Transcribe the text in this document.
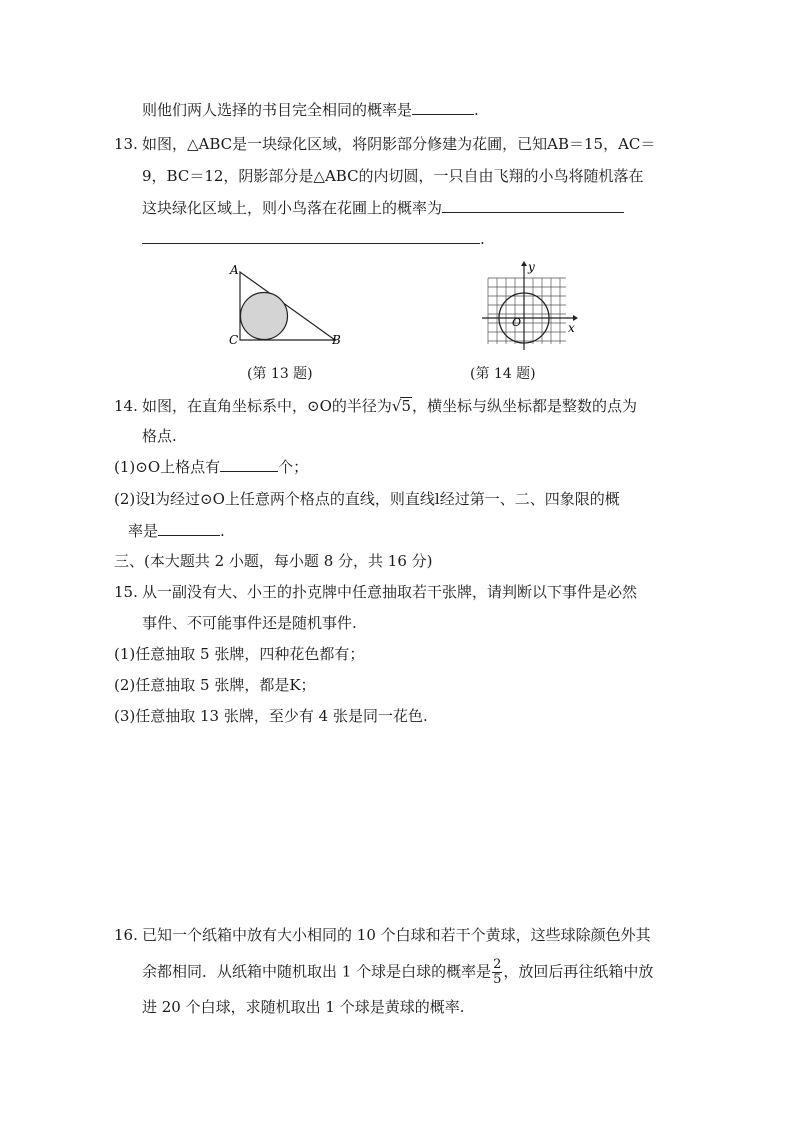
则他们两人选择的书目完全相同的概率是	.
13. 如图，△ABC是一块绿化区域，将阴影部分修建为花圃，已知AB＝15，AC＝
9，BC＝12，阴影部分是△ABC的内切圆，一只自由飞翔的小鸟将随机落在
这块绿化区域上，则小鸟落在花圃上的概率为
.
A
C	B
(第 13 题)
y
x
O
(第 14 题)
14. 如图，在直角坐标系中，⊙O的半径为√5，横坐标与纵坐标都是整数的点为
格点.
(1)⊙O上格点有	个；
(2)设l为经过⊙O上任意两个格点的直线，则直线l经过第一、二、四象限的概
率是	.
三、(本大题共 2 小题，每小题 8 分，共 16 分)
15. 从一副没有大、小王的扑克牌中任意抽取若干张牌，请判断以下事件是必然
事件、不可能事件还是随机事件.
(1)任意抽取 5 张牌，四种花色都有；
(2)任意抽取 5 张牌，都是K；
(3)任意抽取 13 张牌，至少有 4 张是同一花色.
16. 已知一个纸箱中放有大小相同的 10 个白球和若干个黄球，这些球除颜色外其
余都相同．从纸箱中随机取出 1 个球是白球的概率是 $\frac{2}{5}$ ，放回后再往纸箱中放
进 20 个白球，求随机取出 1 个球是黄球的概率.
